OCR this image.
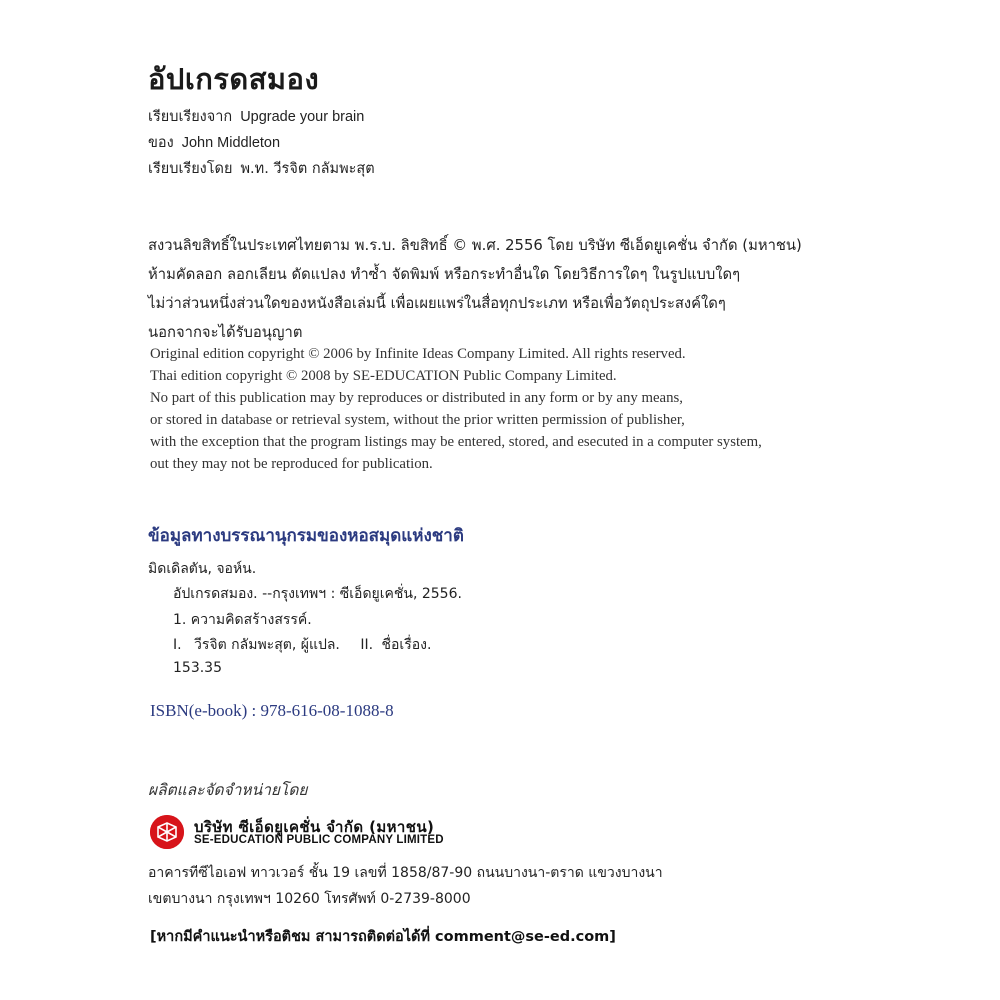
อัปเกรดสมอง
เรียบเรียงจาก Upgrade your brain
ของ John Middleton
เรียบเรียงโดย พ.ท. วีรจิต กลัมพะสุต
สงวนลิขสิทธิ์ในประเทศไทยตาม พ.ร.บ. ลิขสิทธิ์ © พ.ศ. 2556 โดย บริษัท ซีเอ็ดยูเคชั่น จำกัด (มหาชน)
ห้ามคัดลอก ลอกเลียน ดัดแปลง ทำซ้ำ จัดพิมพ์ หรือกระทำอื่นใด โดยวิธีการใดๆ ในรูปแบบใดๆ
ไม่ว่าส่วนหนึ่งส่วนใดของหนังสือเล่มนี้ เพื่อเผยแพร่ในสื่อทุกประเภท หรือเพื่อวัตถุประสงค์ใดๆ
นอกจากจะได้รับอนุญาต
Original edition copyright © 2006 by Infinite Ideas Company Limited. All rights reserved.
Thai edition copyright © 2008 by SE-EDUCATION Public Company Limited.
No part of this publication may by reproduces or distributed in any form or by any means,
or stored in database or retrieval system, without the prior written permission of publisher,
with the exception that the program listings may be entered, stored, and esecuted in a computer system,
out they may not be reproduced for publication.
ข้อมูลทางบรรณานุกรมของหอสมุดแห่งชาติ
มิดเดิลตัน, จอห์น.
อัปเกรดสมอง. --กรุงเทพฯ : ซีเอ็ดยูเคชั่น, 2556.
1. ความคิดสร้างสรรค์.
I. วีรจิต กลัมพะสุต, ผู้แปล. II. ชื่อเรื่อง.
153.35
ISBN(e-book) : 978-616-08-1088-8
ผลิตและจัดจำหน่ายโดย
บริษัท ซีเอ็ดยูเคชั่น จำกัด (มหาชน)
SE-EDUCATION PUBLIC COMPANY LIMITED
อาคารทีซีไอเอฟ ทาวเวอร์ ชั้น 19 เลขที่ 1858/87-90 ถนนบางนา-ตราด แขวงบางนา
เขตบางนา กรุงเทพฯ 10260 โทรศัพท์ 0-2739-8000
[หากมีคำแนะนำหรือติชม สามารถติดต่อได้ที่ comment@se-ed.com]
